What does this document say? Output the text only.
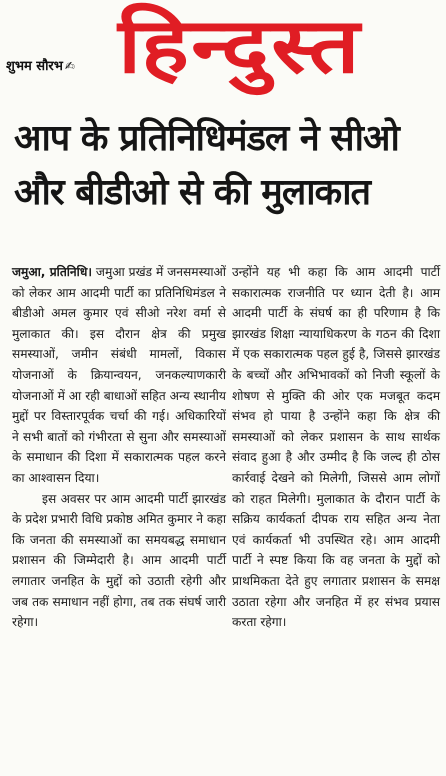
शुभम सौरभ ✍ हिन्दुस्त
आप के प्रतिनिधिमंडल ने सीओ
और बीडीओ से की मुलाकात

जमुआ, प्रतिनिधि। जमुआ प्रखंड में जनसमस्याओं को लेकर आम आदमी पार्टी का प्रतिनिधिमंडल ने बीडीओ अमल कुमार एवं सीओ नरेश वर्मा से मुलाकात की। इस दौरान क्षेत्र की प्रमुख समस्याओं, जमीन संबंधी मामलों, विकास योजनाओं के क्रियान्वयन, जनकल्याणकारी योजनाओं में आ रही बाधाओं सहित अन्य स्थानीय मुद्दों पर विस्तारपूर्वक चर्चा की गई। अधिकारियों ने सभी बातों को गंभीरता से सुना और समस्याओं के समाधान की दिशा में सकारात्मक पहल करने का आश्वासन दिया।

इस अवसर पर आम आदमी पार्टी झारखंड के प्रदेश प्रभारी विधि प्रकोष्ठ अमित कुमार ने कहा कि जनता की समस्याओं का समयबद्ध समाधान प्रशासन की जिम्मेदारी है। आम आदमी पार्टी लगातार जनहित के मुद्दों को उठाती रहेगी और जब तक समाधान नहीं होगा, तब तक संघर्ष जारी रहेगा।

उन्होंने यह भी कहा कि आम आदमी पार्टी सकारात्मक राजनीति पर ध्यान देती है। आम आदमी पार्टी के संघर्ष का ही परिणाम है कि झारखंड शिक्षा न्यायाधिकरण के गठन की दिशा में एक सकारात्मक पहल हुई है, जिससे झारखंड के बच्चों और अभिभावकों को निजी स्कूलों के शोषण से मुक्ति की ओर एक मजबूत कदम संभव हो पाया है उन्होंने कहा कि क्षेत्र की समस्याओं को लेकर प्रशासन के साथ सार्थक संवाद हुआ है और उम्मीद है कि जल्द ही ठोस कार्रवाई देखने को मिलेगी, जिससे आम लोगों को राहत मिलेगी। मुलाकात के दौरान पार्टी के सक्रिय कार्यकर्ता दीपक राय सहित अन्य नेता एवं कार्यकर्ता भी उपस्थित रहे। आम आदमी पार्टी ने स्पष्ट किया कि वह जनता के मुद्दों को प्राथमिकता देते हुए लगातार प्रशासन के समक्ष उठाता रहेगा और जनहित में हर संभव प्रयास करता रहेगा।
